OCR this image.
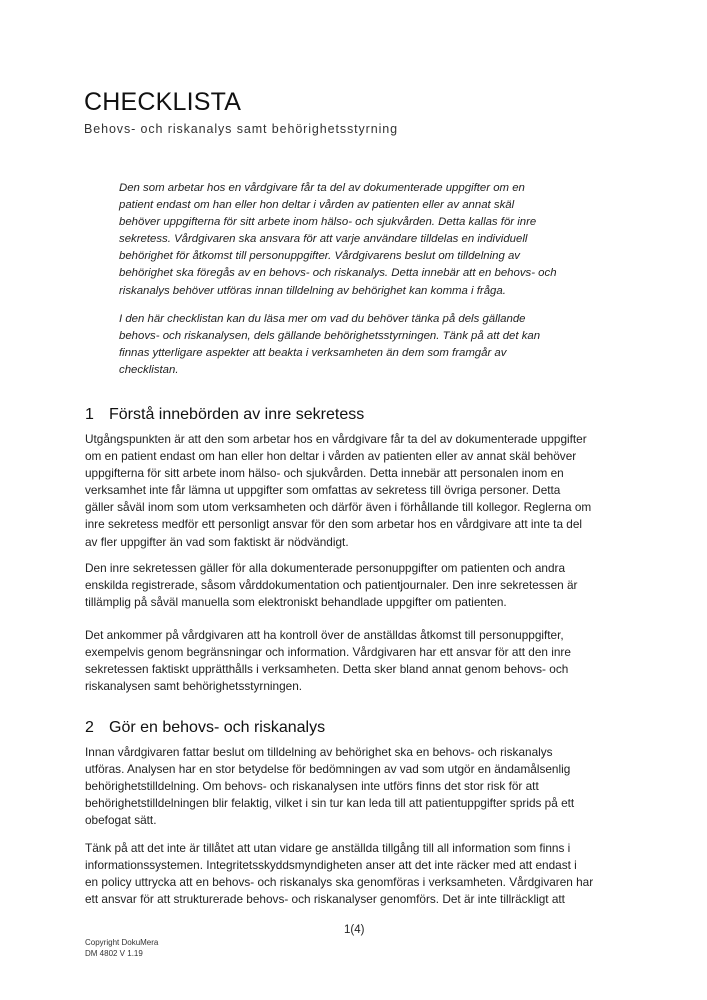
CHECKLISTA

Behovs- och riskanalys samt behörighetsstyrning

Den som arbetar hos en vårdgivare får ta del av dokumenterade uppgifter om en
patient endast om han eller hon deltar i vården av patienten eller av annat skäl
behöver uppgifterna för sitt arbete inom hälso- och sjukvården. Detta kallas för inre
sekretess. Vårdgivaren ska ansvara för att varje användare tilldelas en individuell
behörighet för åtkomst till personuppgifter. Vårdgivarens beslut om tilldelning av
behörighet ska föregås av en behovs- och riskanalys. Detta innebär att en behovs- och
riskanalys behöver utföras innan tilldelning av behörighet kan komma i fråga.
I den här checklistan kan du läsa mer om vad du behöver tänka på dels gällande
behovs- och riskanalysen, dels gällande behörighetsstyrningen. Tänk på att det kan
finnas ytterligare aspekter att beakta i verksamheten än dem som framgår av
checklistan.
1 Förstå innebörden av inre sekretess
Utgångspunkten är att den som arbetar hos en vårdgivare får ta del av dokumenterade uppgifter
om en patient endast om han eller hon deltar i vården av patienten eller av annat skäl behöver
uppgifterna för sitt arbete inom hälso- och sjukvården. Detta innebär att personalen inom en
verksamhet inte får lämna ut uppgifter som omfattas av sekretess till övriga personer. Detta
gäller såväl inom som utom verksamheten och därför även i förhållande till kollegor. Reglerna om
inre sekretess medför ett personligt ansvar för den som arbetar hos en vårdgivare att inte ta del
av fler uppgifter än vad som faktiskt är nödvändigt.
Den inre sekretessen gäller för alla dokumenterade personuppgifter om patienten och andra
enskilda registrerade, såsom vårddokumentation och patientjournaler. Den inre sekretessen är
tillämplig på såväl manuella som elektroniskt behandlade uppgifter om patienten.
Det ankommer på vårdgivaren att ha kontroll över de anställdas åtkomst till personuppgifter,
exempelvis genom begränsningar och information. Vårdgivaren har ett ansvar för att den inre
sekretessen faktiskt upprätthålls i verksamheten. Detta sker bland annat genom behovs- och
riskanalysen samt behörighetsstyrningen.
2 Gör en behovs- och riskanalys
Innan vårdgivaren fattar beslut om tilldelning av behörighet ska en behovs- och riskanalys
utföras. Analysen har en stor betydelse för bedömningen av vad som utgör en ändamålsenlig
behörighetstilldelning. Om behovs- och riskanalysen inte utförs finns det stor risk för att
behörighetstilldelningen blir felaktig, vilket i sin tur kan leda till att patientuppgifter sprids på ett
obefogat sätt.
Tänk på att det inte är tillåtet att utan vidare ge anställda tillgång till all information som finns i
informationssystemen. Integritetsskyddsmyndigheten anser att det inte räcker med att endast i
en policy uttrycka att en behovs- och riskanalys ska genomföras i verksamheten. Vårdgivaren har
ett ansvar för att strukturerade behovs- och riskanalyser genomförs. Det är inte tillräckligt att
1(4)
Copyright DokuMera
DM 4802 V 1.19
